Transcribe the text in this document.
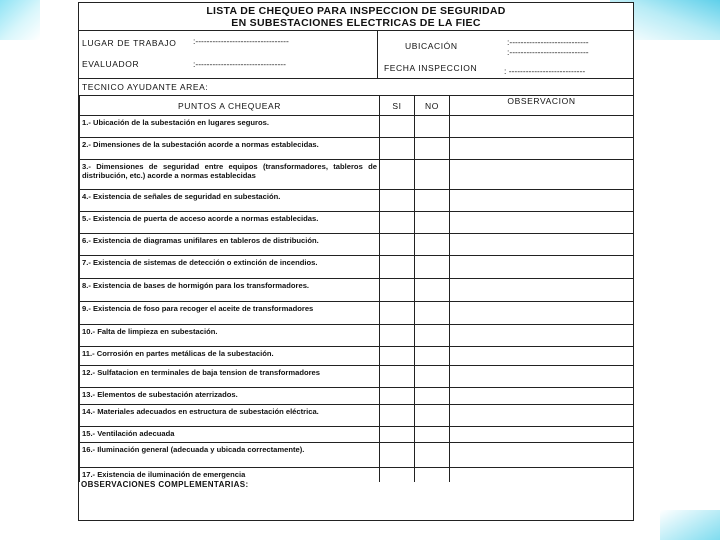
LISTA DE CHEQUEO PARA INSPECCION DE SEGURIDAD
EN SUBESTACIONES ELECTRICAS DE LA FIEC
LUGAR DE TRABAJO :---------------------------------
EVALUADOR	:--------------------------------
UBICACIÓN	:----------------------------
:----------------------------
FECHA INSPECCION	: ---------------------------
TECNICO AYUDANTE AREA:
PUNTOS A CHEQUEAR	SI	NO	OBSERVACION
1.- Ubicación de la subestación en lugares seguros.			
2.- Dimensiones de la subestación acorde a normas establecidas.			
3.- Dimensiones de seguridad entre equipos (transformadores, tableros de distribución, etc.) acorde a normas establecidas			
4.- Existencia de señales de seguridad en subestación.			
5.- Existencia de puerta de acceso acorde a normas establecidas.			
6.- Existencia de diagramas unifilares en tableros de distribución.			
7.- Existencia de sistemas de detección o extinción de incendios.			
8.- Existencia de bases de hormigón para los transformadores.			
9.- Existencia de foso para recoger el aceite de transformadores			
10.- Falta de limpieza en subestación.			
11.- Corrosión en partes metálicas de la subestación.			
12.- Sulfatacion en terminales de baja tension de transformadores			
13.- Elementos de subestación aterrizados.			
14.- Materiales adecuados en estructura de subestación eléctrica.			
15.- Ventilación adecuada			
16.- Iluminación general (adecuada y ubicada correctamente).			
17.- Existencia de iluminación de emergencia			
OBSERVACIONES COMPLEMENTARIAS:
